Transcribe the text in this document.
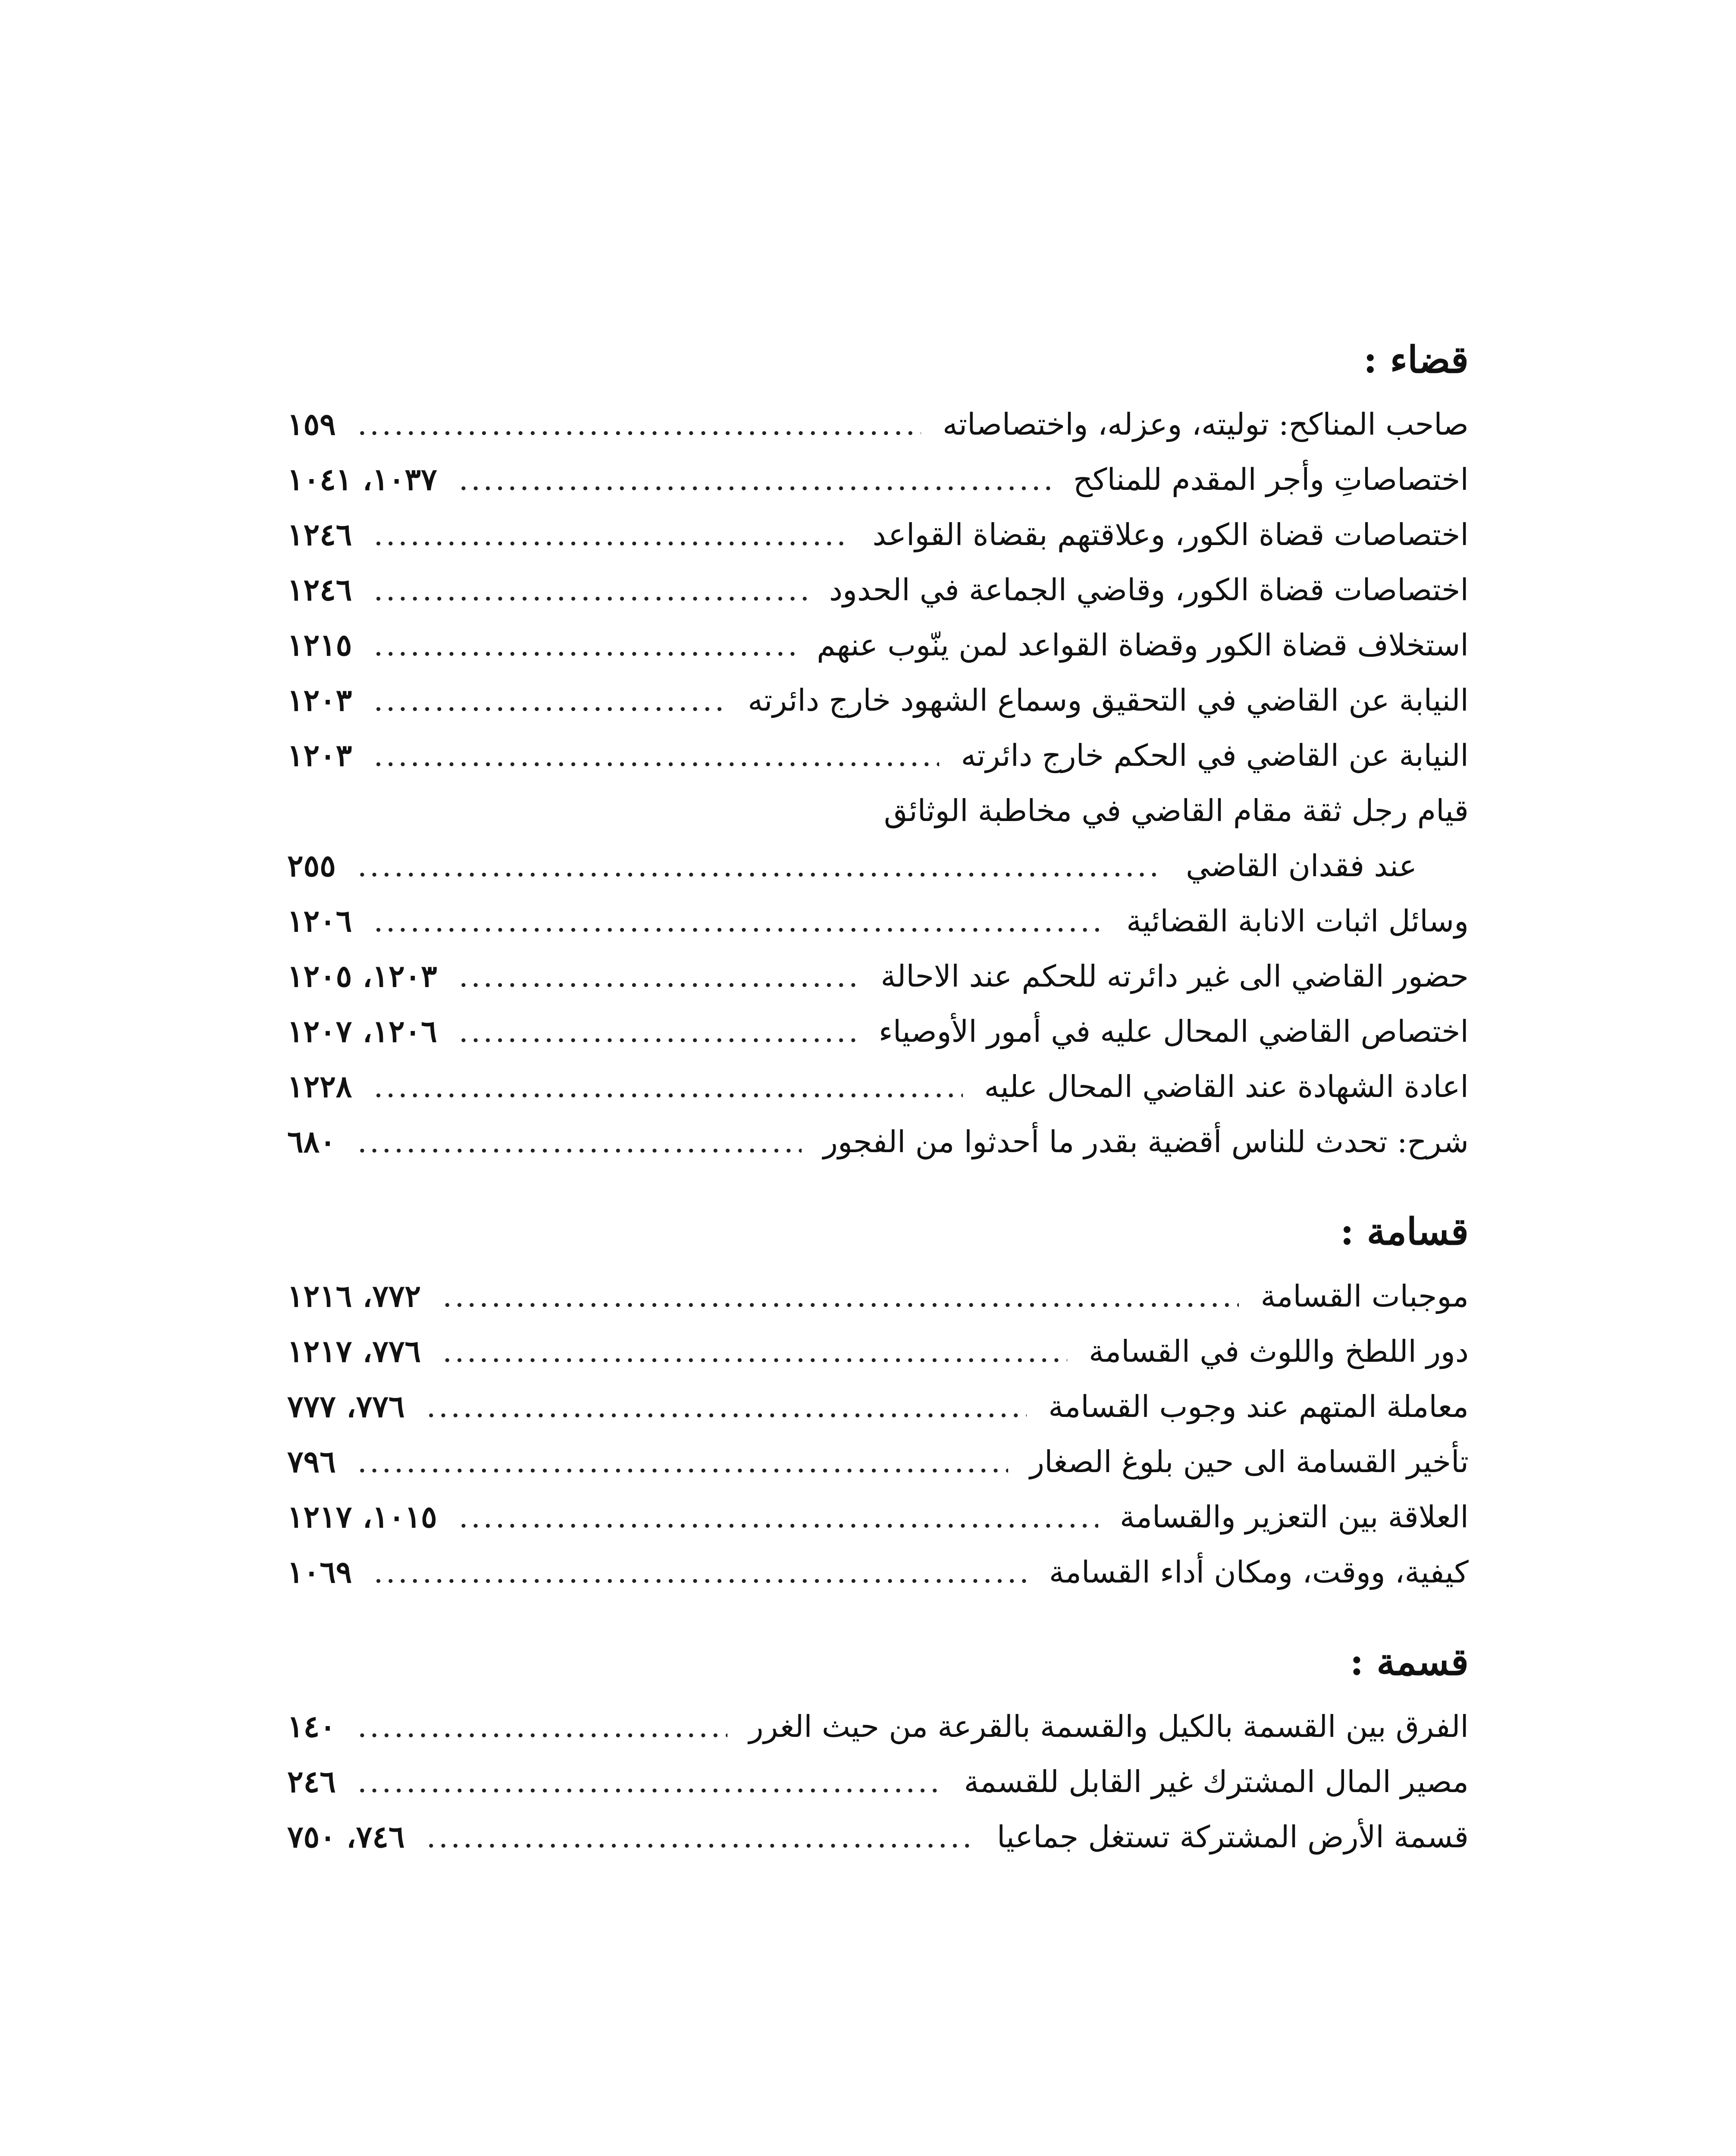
قضاء :
صاحب المناكح: توليته، وعزله، واختصاصاته
.....
١٥٩
اختصاصاتِ وأجر المقدم للمناكح
.....
١٠٣٧، ١٠٤١
اختصاصات قضاة الكور، وعلاقتهم بقضاة القواعد
.....
١٢٤٦
اختصاصات قضاة الكور، وقاضي الجماعة في الحدود
.....
١٢٤٦
استخلاف قضاة الكور وقضاة القواعد لمن ينّوب عنهم
.....
١٢١٥
النيابة عن القاضي في التحقيق وسماع الشهود خارج دائرته
.....
١٢٠٣
النيابة عن القاضي في الحكم خارج دائرته
.....
١٢٠٣
قيام رجل ثقة مقام القاضي في مخاطبة الوثائق
عند فقدان القاضي
.....
٢٥٥
وسائل اثبات الانابة القضائية
.....
١٢٠٦
حضور القاضي الى غير دائرته للحكم عند الاحالة
.....
١٢٠٣، ١٢٠٥
اختصاص القاضي المحال عليه في أمور الأوصياء
.....
١٢٠٦، ١٢٠٧
اعادة الشهادة عند القاضي المحال عليه
.....
١٢٢٨
شرح: تحدث للناس أقضية بقدر ما أحدثوا من الفجور
.....
٦٨٠
قسامة :
موجبات القسامة
.....
٧٧٢، ١٢١٦
دور اللطخ واللوث في القسامة
.....
٧٧٦، ١٢١٧
معاملة المتهم عند وجوب القسامة
.....
٧٧٦، ٧٧٧
تأخير القسامة الى حين بلوغ الصغار
.....
٧٩٦
العلاقة بين التعزير والقسامة
.....
١٠١٥، ١٢١٧
كيفية، ووقت، ومكان أداء القسامة
.....
١٠٦٩
قسمة :
الفرق بين القسمة بالكيل والقسمة بالقرعة من حيث الغرر
.....
١٤٠
مصير المال المشترك غير القابل للقسمة
.....
٢٤٦
قسمة الأرض المشتركة تستغل جماعيا
.....
٧٤٦، ٧٥٠
